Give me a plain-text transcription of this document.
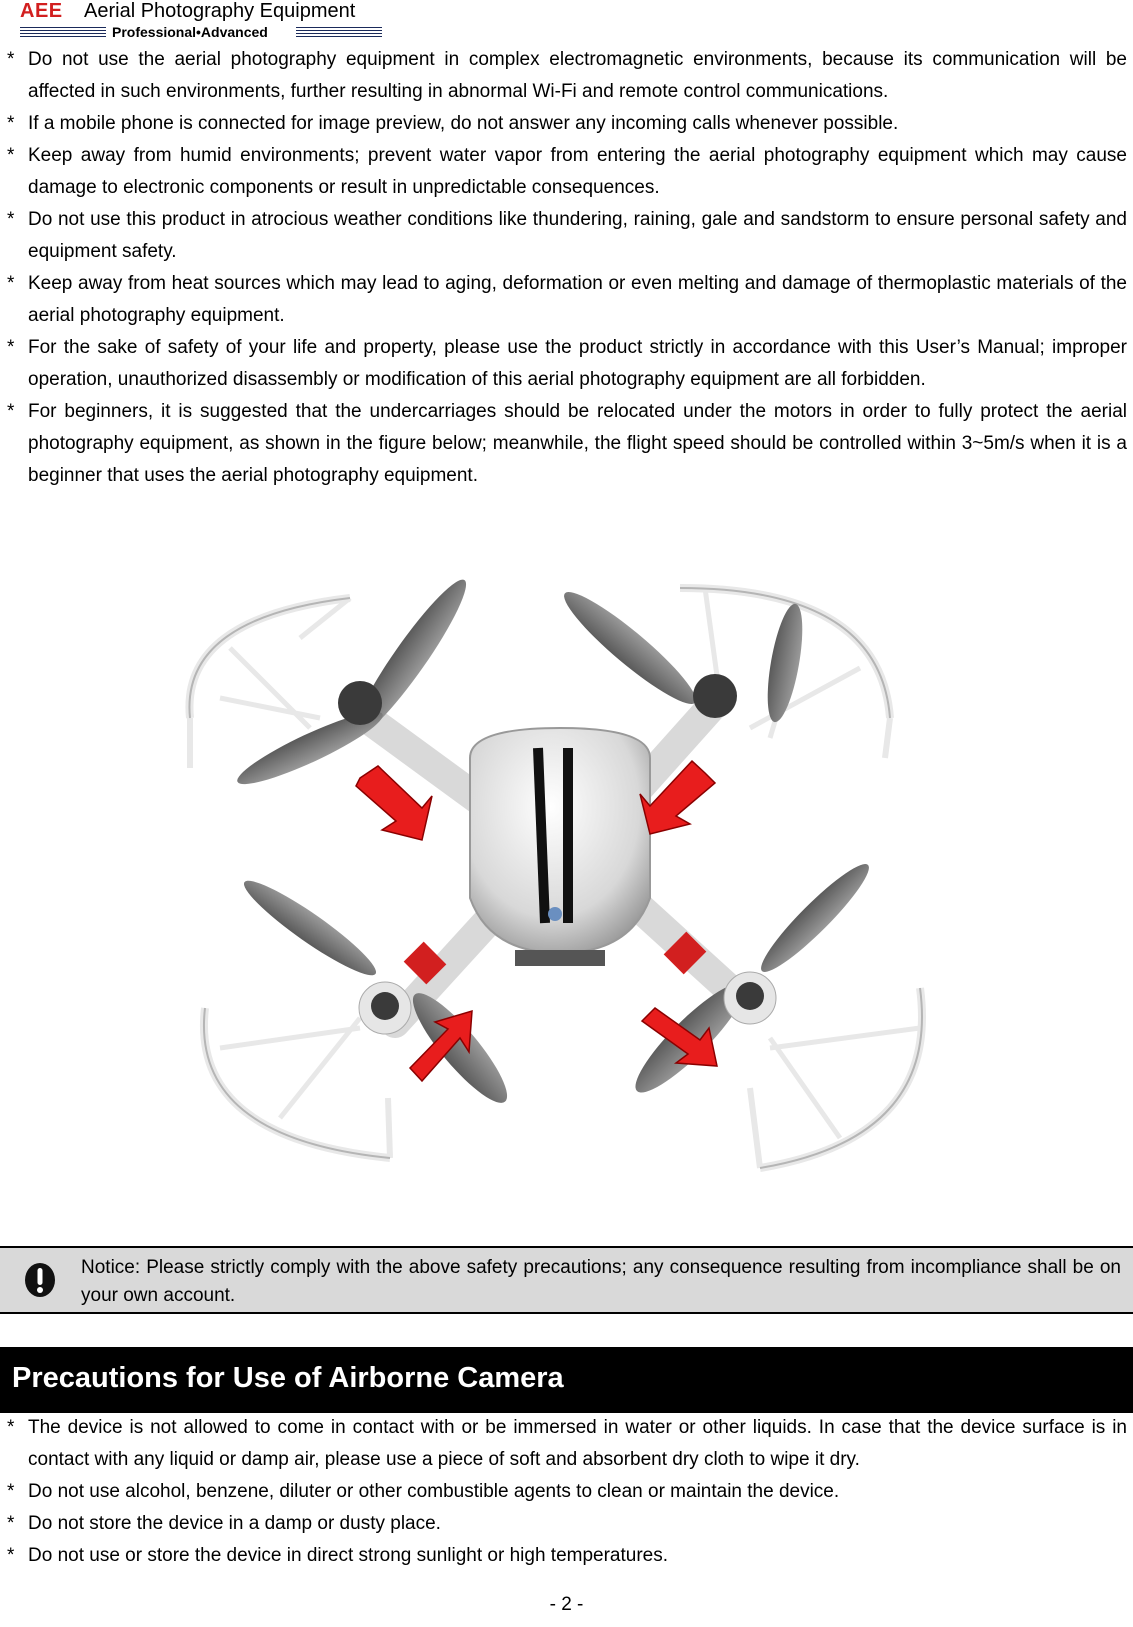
AEE Aerial Photography Equipment
Professional•Advanced
* Do not use the aerial photography equipment in complex electromagnetic environments, because its communication will be affected in such environments, further resulting in abnormal Wi-Fi and remote control communications.
* If a mobile phone is connected for image preview, do not answer any incoming calls whenever possible.
* Keep away from humid environments; prevent water vapor from entering the aerial photography equipment which may cause damage to electronic components or result in unpredictable consequences.
* Do not use this product in atrocious weather conditions like thundering, raining, gale and sandstorm to ensure personal safety and equipment safety.
* Keep away from heat sources which may lead to aging, deformation or even melting and damage of thermoplastic materials of the aerial photography equipment.
* For the sake of safety of your life and property, please use the product strictly in accordance with this User’s Manual; improper operation, unauthorized disassembly or modification of this aerial photography equipment are all forbidden.
* For beginners, it is suggested that the undercarriages should be relocated under the motors in order to fully protect the aerial photography equipment, as shown in the figure below; meanwhile, the flight speed should be controlled within 3~5m/s when it is a beginner that uses the aerial photography equipment.
Notice: Please strictly comply with the above safety precautions; any consequence resulting from incompliance shall be on your own account.
Precautions for Use of Airborne Camera
* The device is not allowed to come in contact with or be immersed in water or other liquids. In case that the device surface is in contact with any liquid or damp air, please use a piece of soft and absorbent dry cloth to wipe it dry.
* Do not use alcohol, benzene, diluter or other combustible agents to clean or maintain the device.
* Do not store the device in a damp or dusty place.
* Do not use or store the device in direct strong sunlight or high temperatures.
- 2 -
